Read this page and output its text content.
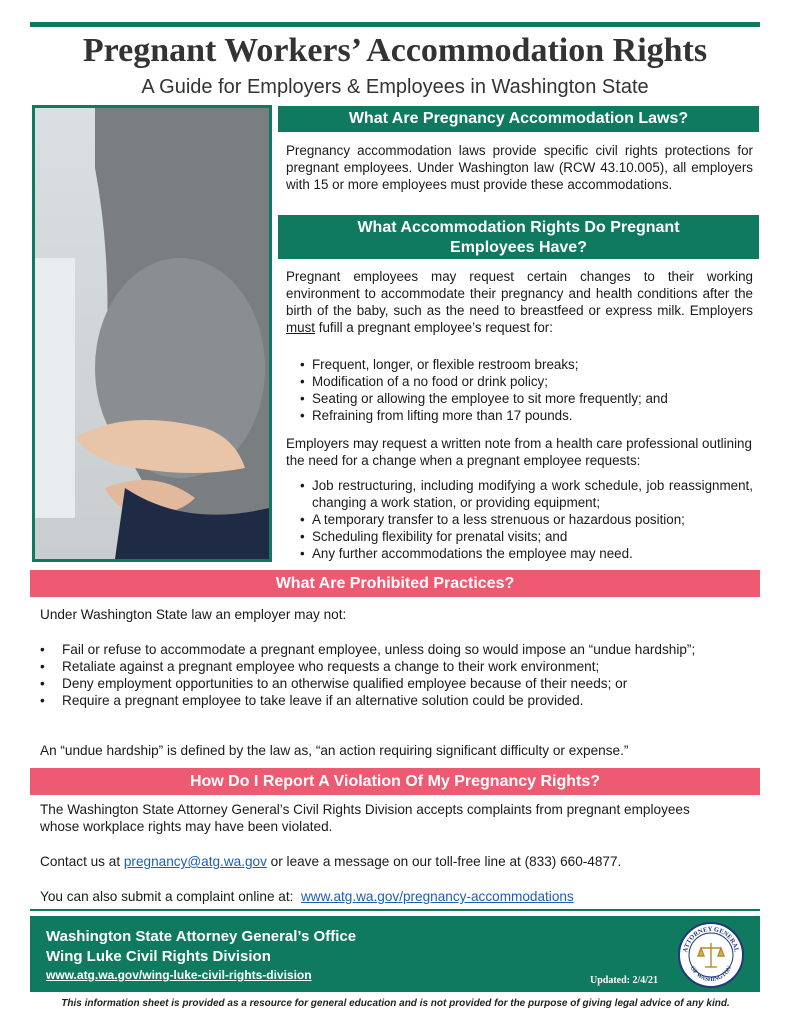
Pregnant Workers’ Accommodation Rights
A Guide for Employers & Employees in Washington State
What Are Pregnancy Accommodation Laws?
Pregnancy accommodation laws provide specific civil rights protections for pregnant employees. Under Washington law (RCW 43.10.005), all employers with 15 or more employees must provide these accommodations.
What Accommodation Rights Do Pregnant
Employees Have?
Pregnant employees may request certain changes to their working environment to accommodate their pregnancy and health conditions after the birth of the baby, such as the need to breastfeed or express milk. Employers must fufill a pregnant employee’s request for:
• Frequent, longer, or flexible restroom breaks;
• Modification of a no food or drink policy;
• Seating or allowing the employee to sit more frequently; and
• Refraining from lifting more than 17 pounds.
Employers may request a written note from a health care professional outlining the need for a change when a pregnant employee requests:
• Job restructuring, including modifying a work schedule, job reassignment, changing a work station, or providing equipment;
• A temporary transfer to a less strenuous or hazardous position;
• Scheduling flexibility for prenatal visits; and
• Any further accommodations the employee may need.
What Are Prohibited Practices?
Under Washington State law an employer may not:
• Fail or refuse to accommodate a pregnant employee, unless doing so would impose an “undue hardship”;
• Retaliate against a pregnant employee who requests a change to their work environment;
• Deny employment opportunities to an otherwise qualified employee because of their needs; or
• Require a pregnant employee to take leave if an alternative solution could be provided.
An “undue hardship” is defined by the law as, “an action requiring significant difficulty or expense.”
How Do I Report A Violation Of My Pregnancy Rights?
The Washington State Attorney General’s Civil Rights Division accepts complaints from pregnant employees whose workplace rights may have been violated.
Contact us at pregnancy@atg.wa.gov or leave a message on our toll-free line at (833) 660-4877.
You can also submit a complaint online at:  www.atg.wa.gov/pregnancy-accommodations
Washington State Attorney General’s Office
Wing Luke Civil Rights Division
www.atg.wa.gov/wing-luke-civil-rights-division	Updated: 2/4/21
ATTORNEY GENERAL
OF WASHINGTON
This information sheet is provided as a resource for general education and is not provided for the purpose of giving legal advice of any kind.
